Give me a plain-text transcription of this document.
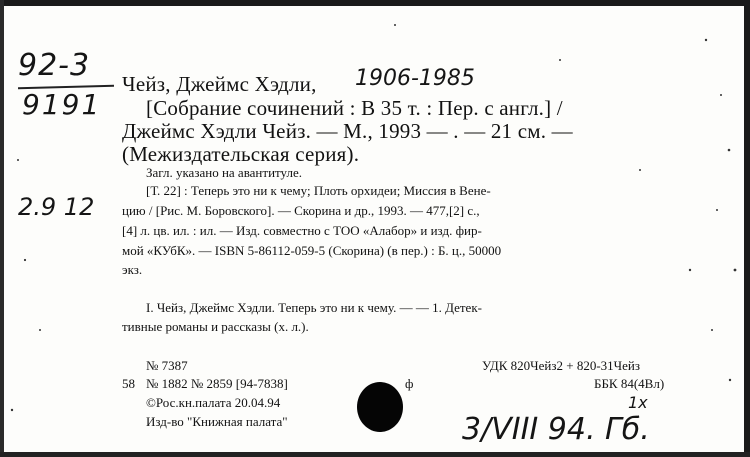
92-3
9191
2.9 12
Чейз, Джеймс Хэдли, 1906-1985
[Собрание сочинений : В 35 т. : Пер. с англ.] /
Джеймс Хэдли Чейз. — М., 1993 — . — 21 см. —
(Межиздательская серия).
Загл. указано на авантитуле.
[Т. 22] : Теперь это ни к чему; Плоть орхидеи; Миссия в Вене-
цию / [Рис. М. Боровского]. — Скорина и др., 1993. — 477,[2] с.,
[4] л. цв. ил. : ил. — Изд. совместно с ТОО «Алабор» и изд. фир-
мой «КУбК». — ISBN 5-86112-059-5 (Скорина) (в пер.) : Б. ц., 50000
экз.
I. Чейз, Джеймс Хэдли. Теперь это ни к чему. — — 1. Детек-
тивные романы и рассказы (х. л.).
№ 7387
58 № 1882 № 2859 [94-7838]	ф
©Рос.кн.палата 20.04.94
Изд-во "Книжная палата"
УДК 820Чейз2 + 820-31Чейз
ББК 84(4Вл)
1х
3/VIII 94. Гб.
